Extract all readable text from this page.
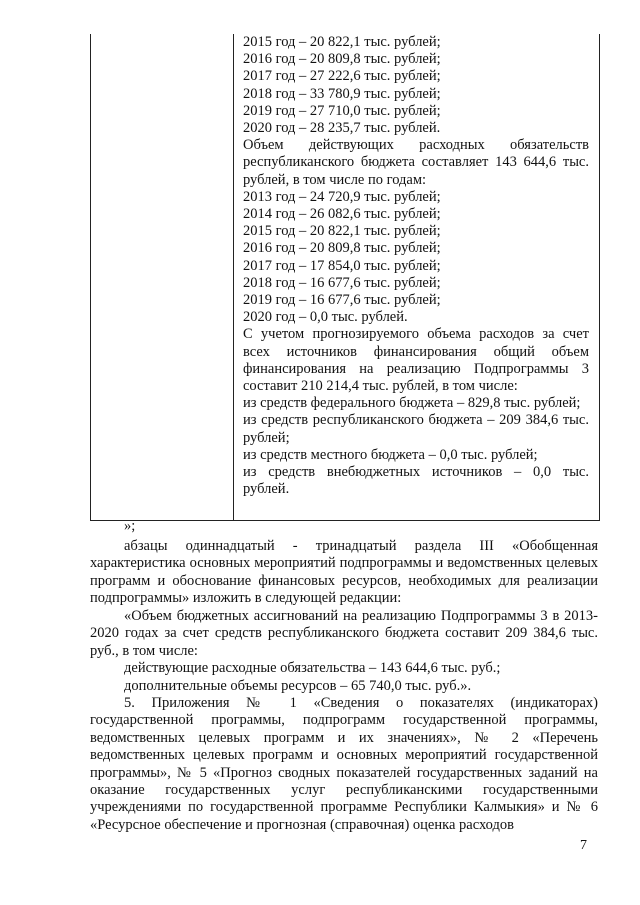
2015 год – 20 822,1 тыс. рублей;

2016 год – 20 809,8 тыс. рублей;

2017 год – 27 222,6 тыс. рублей;

2018 год – 33 780,9 тыс. рублей;

2019 год – 27 710,0 тыс. рублей;

2020 год – 28 235,7 тыс. рублей.

Объем действующих расходных обязательств республиканского бюджета составляет 143 644,6 тыс. рублей, в том числе по годам:

2013 год – 24 720,9 тыс. рублей;

2014 год – 26 082,6 тыс. рублей;

2015 год – 20 822,1 тыс. рублей;

2016 год – 20 809,8 тыс. рублей;

2017 год – 17 854,0 тыс. рублей;

2018 год – 16 677,6 тыс. рублей;

2019 год – 16 677,6 тыс. рублей;

2020 год – 0,0 тыс. рублей.

С учетом прогнозируемого объема расходов за счет всех источников финансирования общий объем финансирования на реализацию Подпрограммы 3 составит 210 214,4 тыс. рублей, в том числе:

из средств федерального бюджета – 829,8 тыс. рублей;

из средств республиканского бюджета – 209 384,6 тыс. рублей;

из средств местного бюджета – 0,0 тыс. рублей;

из средств внебюджетных источников – 0,0 тыс. рублей.

»;

абзацы одиннадцатый - тринадцатый раздела III «Обобщенная характеристика основных мероприятий подпрограммы и ведомственных целевых программ и обоснование финансовых ресурсов, необходимых для реализации подпрограммы» изложить в следующей редакции:

«Объем бюджетных ассигнований на реализацию Подпрограммы 3 в 2013-2020 годах за счет средств республиканского бюджета составит 209 384,6 тыс. руб., в том числе:

действующие расходные обязательства – 143 644,6 тыс. руб.;

дополнительные объемы ресурсов – 65 740,0 тыс. руб.».

5. Приложения № 1 «Сведения о показателях (индикаторах) государственной программы, подпрограмм государственной программы, ведомственных целевых программ и их значениях», № 2 «Перечень ведомственных целевых программ и основных мероприятий государственной программы», № 5 «Прогноз сводных показателей государственных заданий на оказание государственных услуг республиканскими государственными учреждениями по государственной программе Республики Калмыкия» и № 6 «Ресурсное обеспечение и прогнозная (справочная) оценка расходов

7
